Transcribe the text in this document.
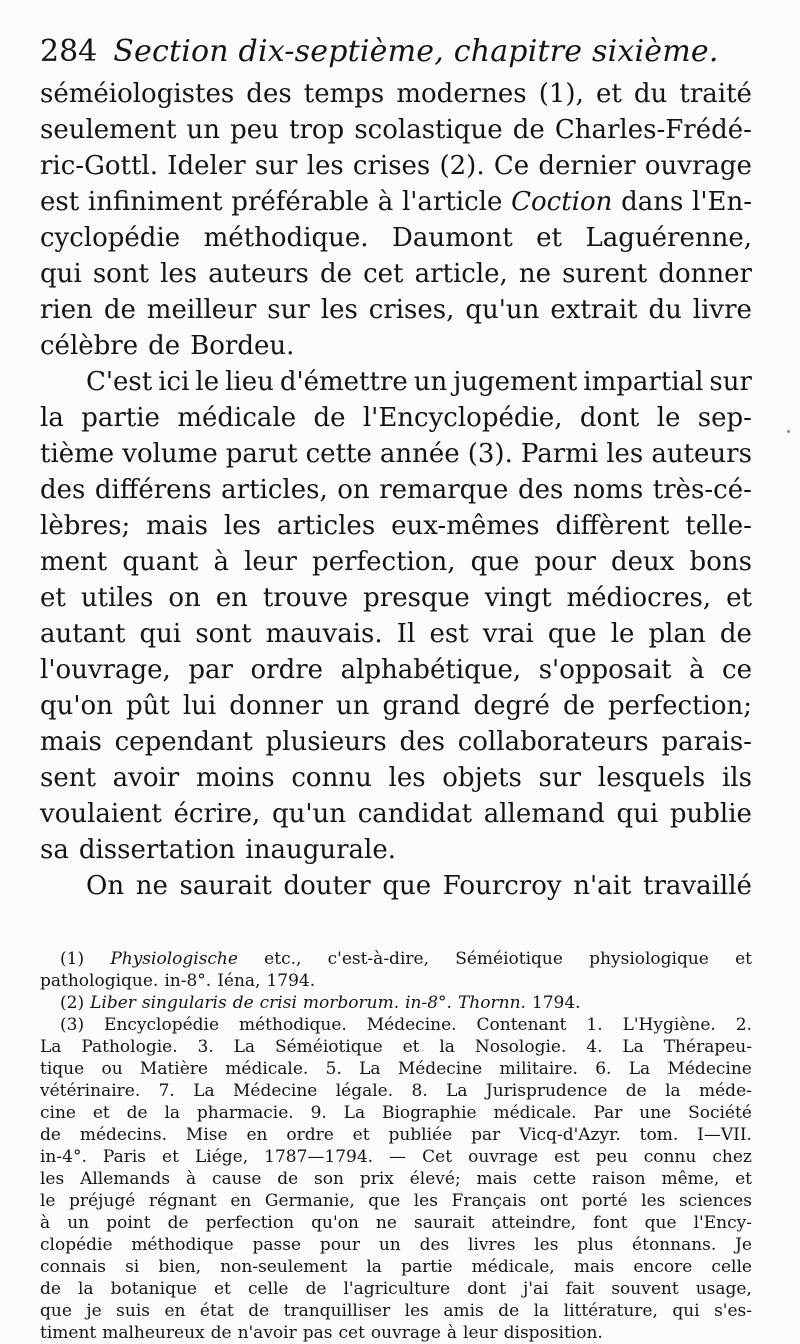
284 Section dix-septième, chapitre sixième.
séméiologistes des temps modernes (1), et du traité
seulement un peu trop scolastique de Charles-Frédé-
ric-Gottl. Ideler sur les crises (2). Ce dernier ouvrage
est infiniment préférable à l'article Coction dans l'En-
cyclopédie méthodique. Daumont et Laguérenne,
qui sont les auteurs de cet article, ne surent donner
rien de meilleur sur les crises, qu'un extrait du livre
célèbre de Bordeu.
C'est ici le lieu d'émettre un jugement impartial sur
la partie médicale de l'Encyclopédie, dont le sep-
tième volume parut cette année (3). Parmi les auteurs
des différens articles, on remarque des noms très-cé-
lèbres; mais les articles eux-mêmes diffèrent telle-
ment quant à leur perfection, que pour deux bons
et utiles on en trouve presque vingt médiocres, et
autant qui sont mauvais. Il est vrai que le plan de
l'ouvrage, par ordre alphabétique, s'opposait à ce
qu'on pût lui donner un grand degré de perfection;
mais cependant plusieurs des collaborateurs parais-
sent avoir moins connu les objets sur lesquels ils
voulaient écrire, qu'un candidat allemand qui publie
sa dissertation inaugurale.
On ne saurait douter que Fourcroy n'ait travaillé
(1) Physiologische etc., c'est-à-dire, Séméiotique physiologique et
pathologique. in-8°. Iéna, 1794.
(2) Liber singularis de crisi morborum. in-8°. Thornn. 1794.
(3) Encyclopédie méthodique. Médecine. Contenant 1. L'Hygiène. 2.
La Pathologie. 3. La Séméiotique et la Nosologie. 4. La Thérapeu-
tique ou Matière médicale. 5. La Médecine militaire. 6. La Médecine
vétérinaire. 7. La Médecine légale. 8. La Jurisprudence de la méde-
cine et de la pharmacie. 9. La Biographie médicale. Par une Société
de médecins. Mise en ordre et publiée par Vicq-d'Azyr. tom. I—VII.
in-4°. Paris et Liége, 1787—1794. — Cet ouvrage est peu connu chez
les Allemands à cause de son prix élevé; mais cette raison même, et
le préjugé régnant en Germanie, que les Français ont porté les sciences
à un point de perfection qu'on ne saurait atteindre, font que l'Ency-
clopédie méthodique passe pour un des livres les plus étonnans. Je
connais si bien, non-seulement la partie médicale, mais encore celle
de la botanique et celle de l'agriculture dont j'ai fait souvent usage,
que je suis en état de tranquilliser les amis de la littérature, qui s'es-
timent malheureux de n'avoir pas cet ouvrage à leur disposition.
